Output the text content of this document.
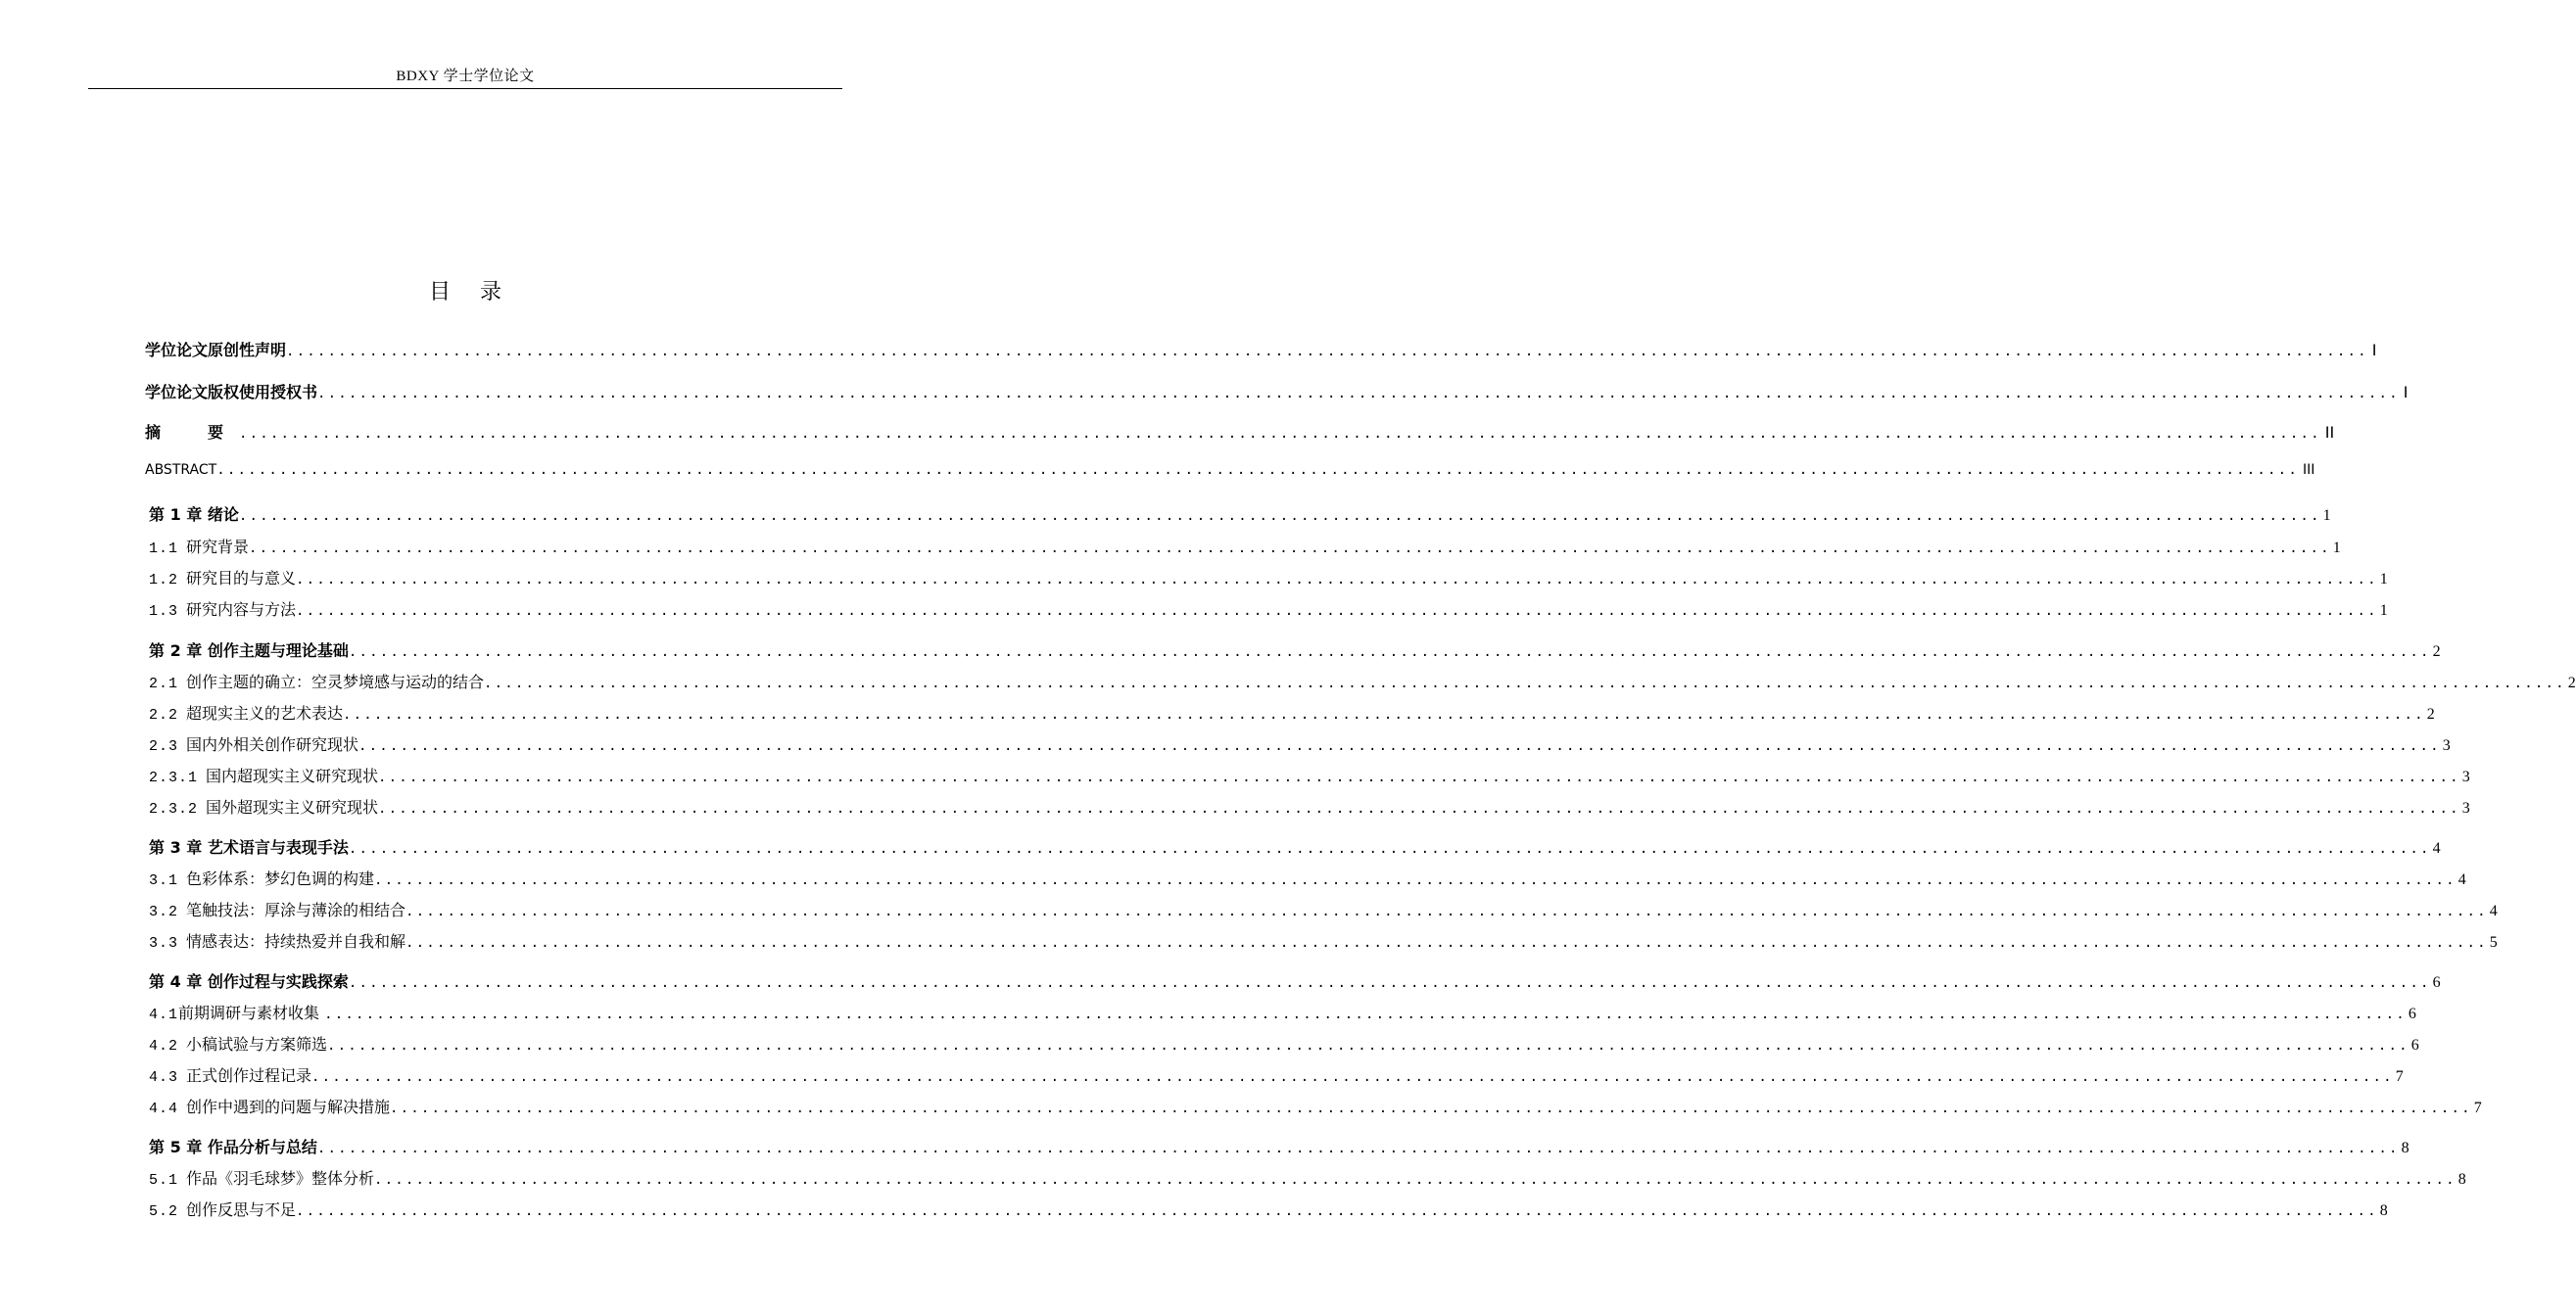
BDXY 学士学位论文
目录
学位论文原创性声明 ........................................................................................................................................................................................................ I
学位论文版权使用授权书 ........................................................................................................................................................................................................ I
摘　要 ........................................................................................................................................................................................................ II
ABSTRACT ........................................................................................................................................................................................................ III
第 1 章 绪论 ........................................................................................................................................................................................................ 1
1.1 研究背景 ........................................................................................................................................................................................................ 1
1.2 研究目的与意义 ........................................................................................................................................................................................................ 1
1.3 研究内容与方法 ........................................................................................................................................................................................................ 1
第 2 章 创作主题与理论基础 ........................................................................................................................................................................................................ 2
2.1 创作主题的确立：空灵梦境感与运动的结合 ........................................................................................................................................................................................................ 2
2.2 超现实主义的艺术表达 ........................................................................................................................................................................................................ 2
2.3 国内外相关创作研究现状 ........................................................................................................................................................................................................ 3
2.3.1 国内超现实主义研究现状 ........................................................................................................................................................................................................ 3
2.3.2 国外超现实主义研究现状 ........................................................................................................................................................................................................ 3
第 3 章 艺术语言与表现手法 ........................................................................................................................................................................................................ 4
3.1 色彩体系：梦幻色调的构建 ........................................................................................................................................................................................................ 4
3.2 笔触技法：厚涂与薄涂的相结合 ........................................................................................................................................................................................................ 4
3.3 情感表达：持续热爱并自我和解 ........................................................................................................................................................................................................ 5
第 4 章 创作过程与实践探索 ........................................................................................................................................................................................................ 6
4.1 前期调研与素材收集 ........................................................................................................................................................................................................ 6
4.2 小稿试验与方案筛选 ........................................................................................................................................................................................................ 6
4.3 正式创作过程记录 ........................................................................................................................................................................................................ 7
4.4 创作中遇到的问题与解决措施 ........................................................................................................................................................................................................ 7
第 5 章 作品分析与总结 ........................................................................................................................................................................................................ 8
5.1 作品《羽毛球梦》整体分析 ........................................................................................................................................................................................................ 8
5.2 创作反思与不足 ........................................................................................................................................................................................................ 8
